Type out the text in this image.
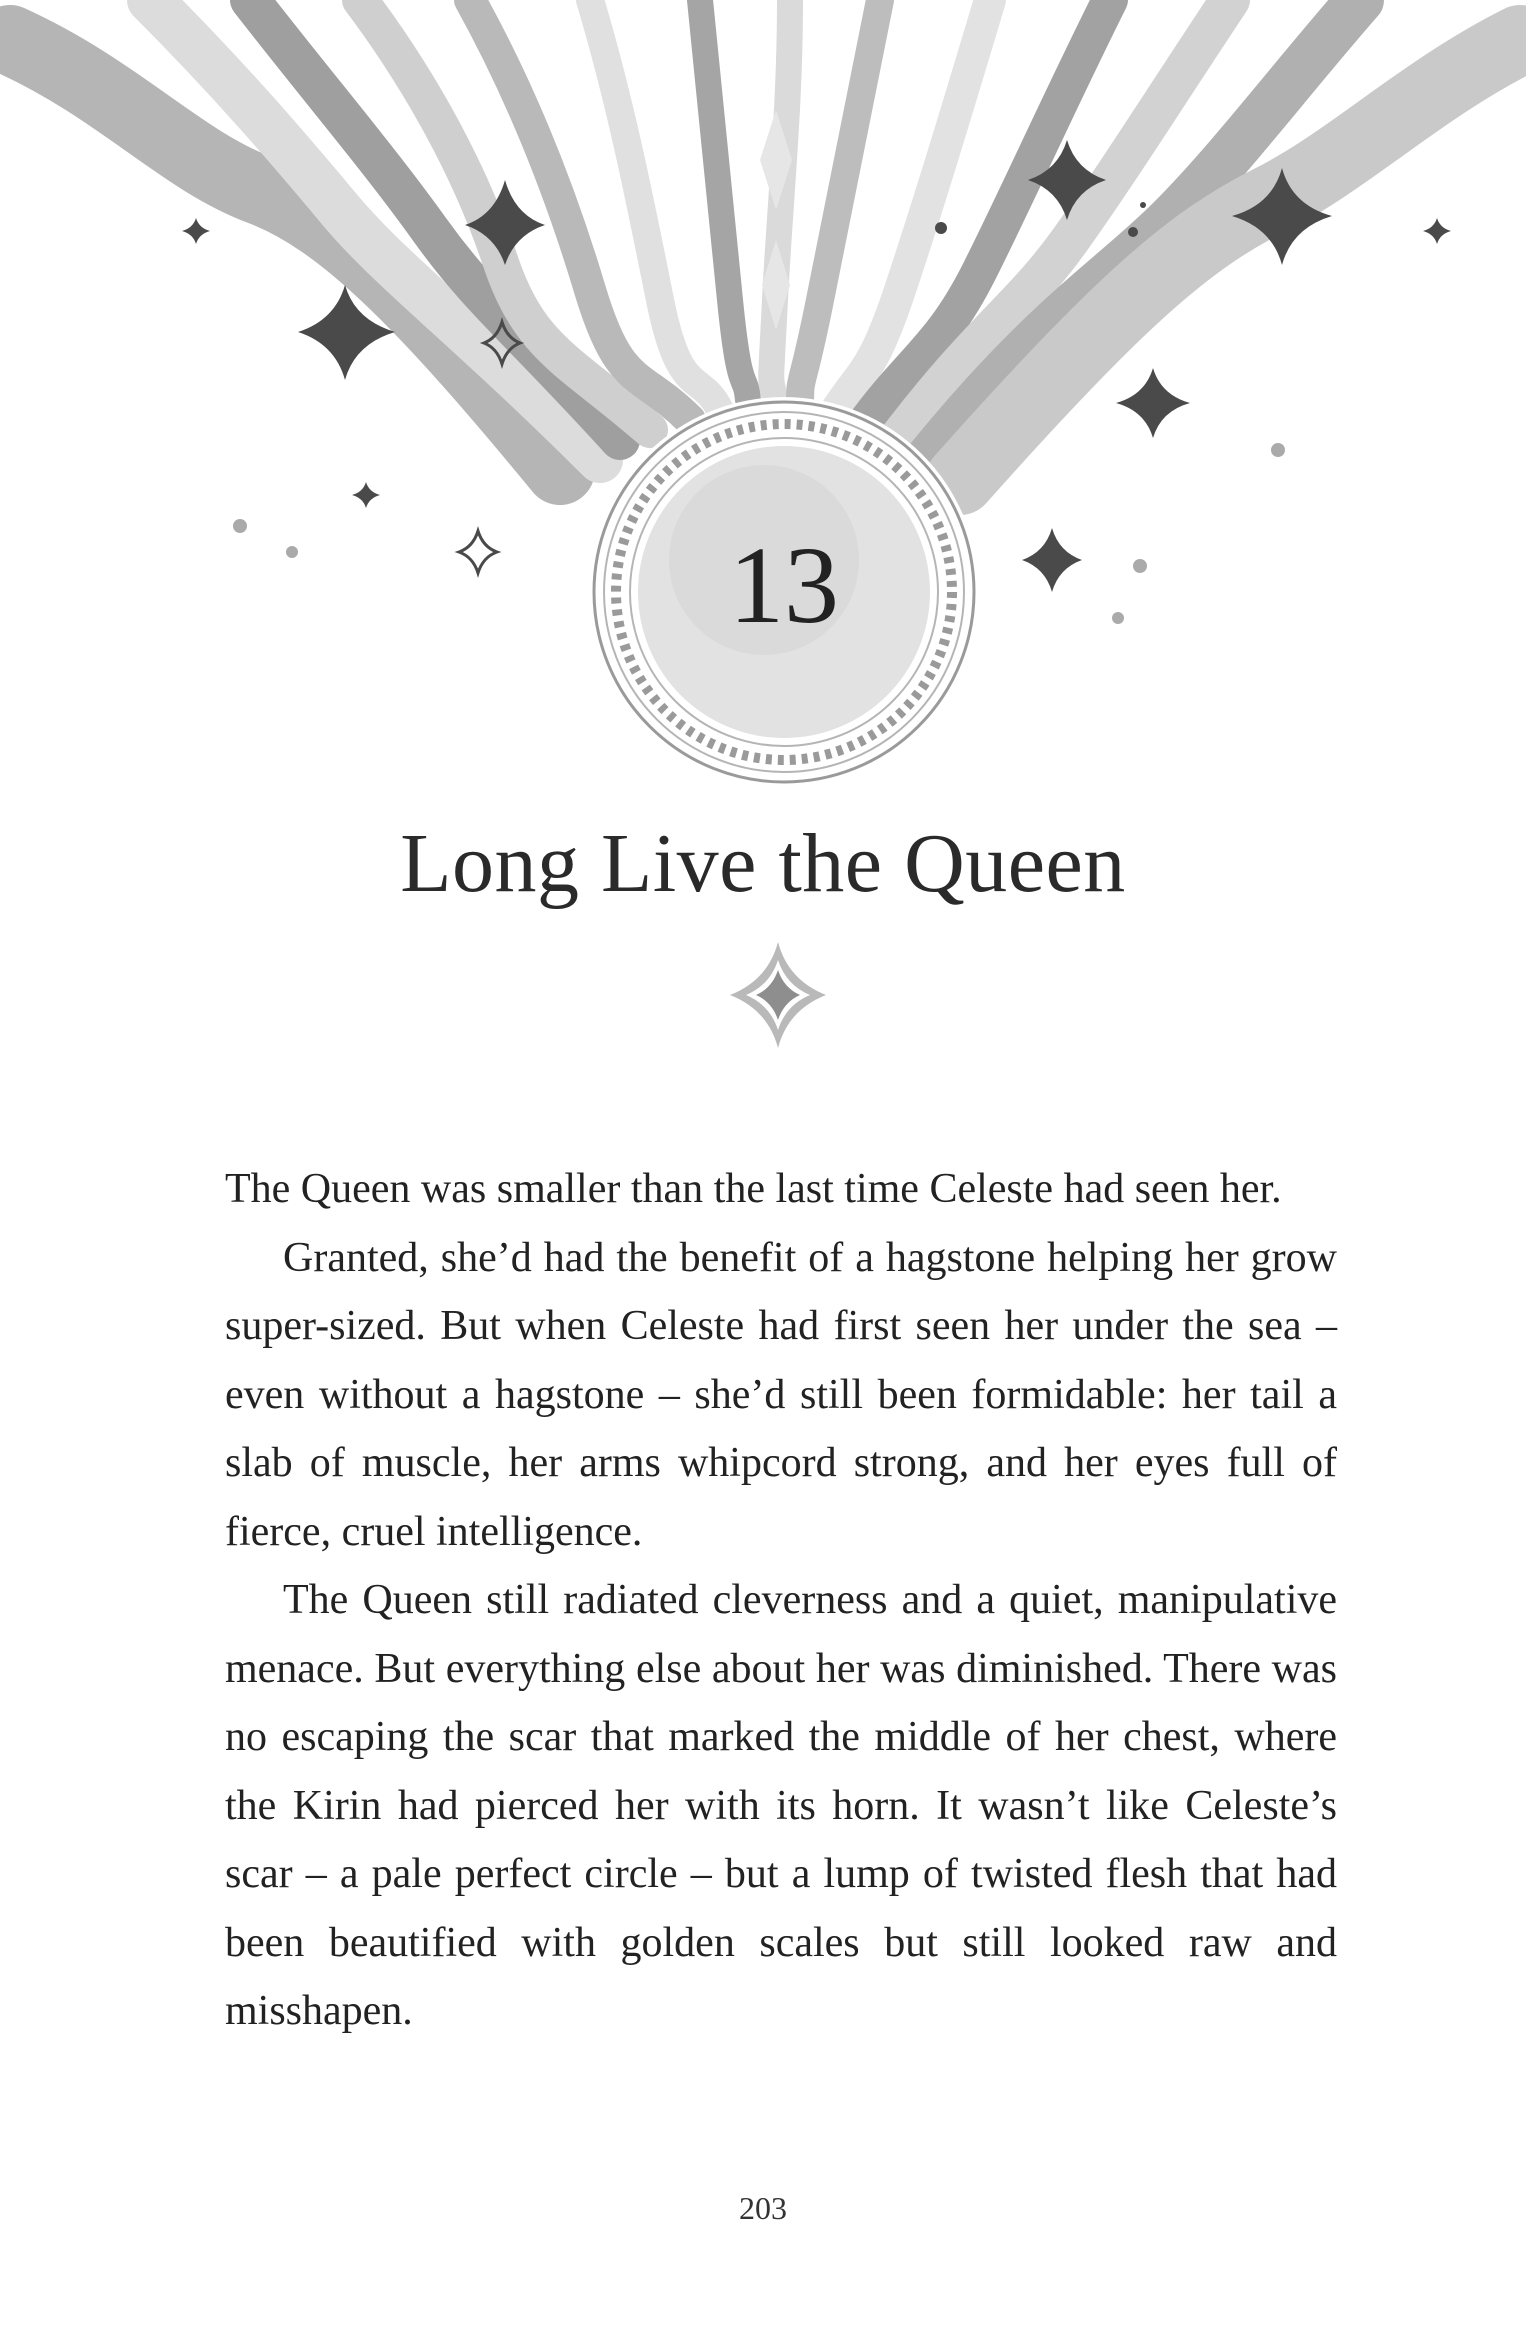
13
Long Live the Queen

The Queen was smaller than the last time Celeste had seen her.

Granted, she’d had the benefit of a hagstone helping her grow super-sized. But when Celeste had first seen her under the sea – even without a hagstone – she’d still been formidable: her tail a slab of muscle, her arms whipcord strong, and her eyes full of fierce, cruel intelligence.

The Queen still radiated cleverness and a quiet, manipulative menace. But everything else about her was diminished. There was no escaping the scar that marked the middle of her chest, where the Kirin had pierced her with its horn. It wasn’t like Celeste’s scar – a pale perfect circle – but a lump of twisted flesh that had been beautified with golden scales but still looked raw and misshapen.

203
